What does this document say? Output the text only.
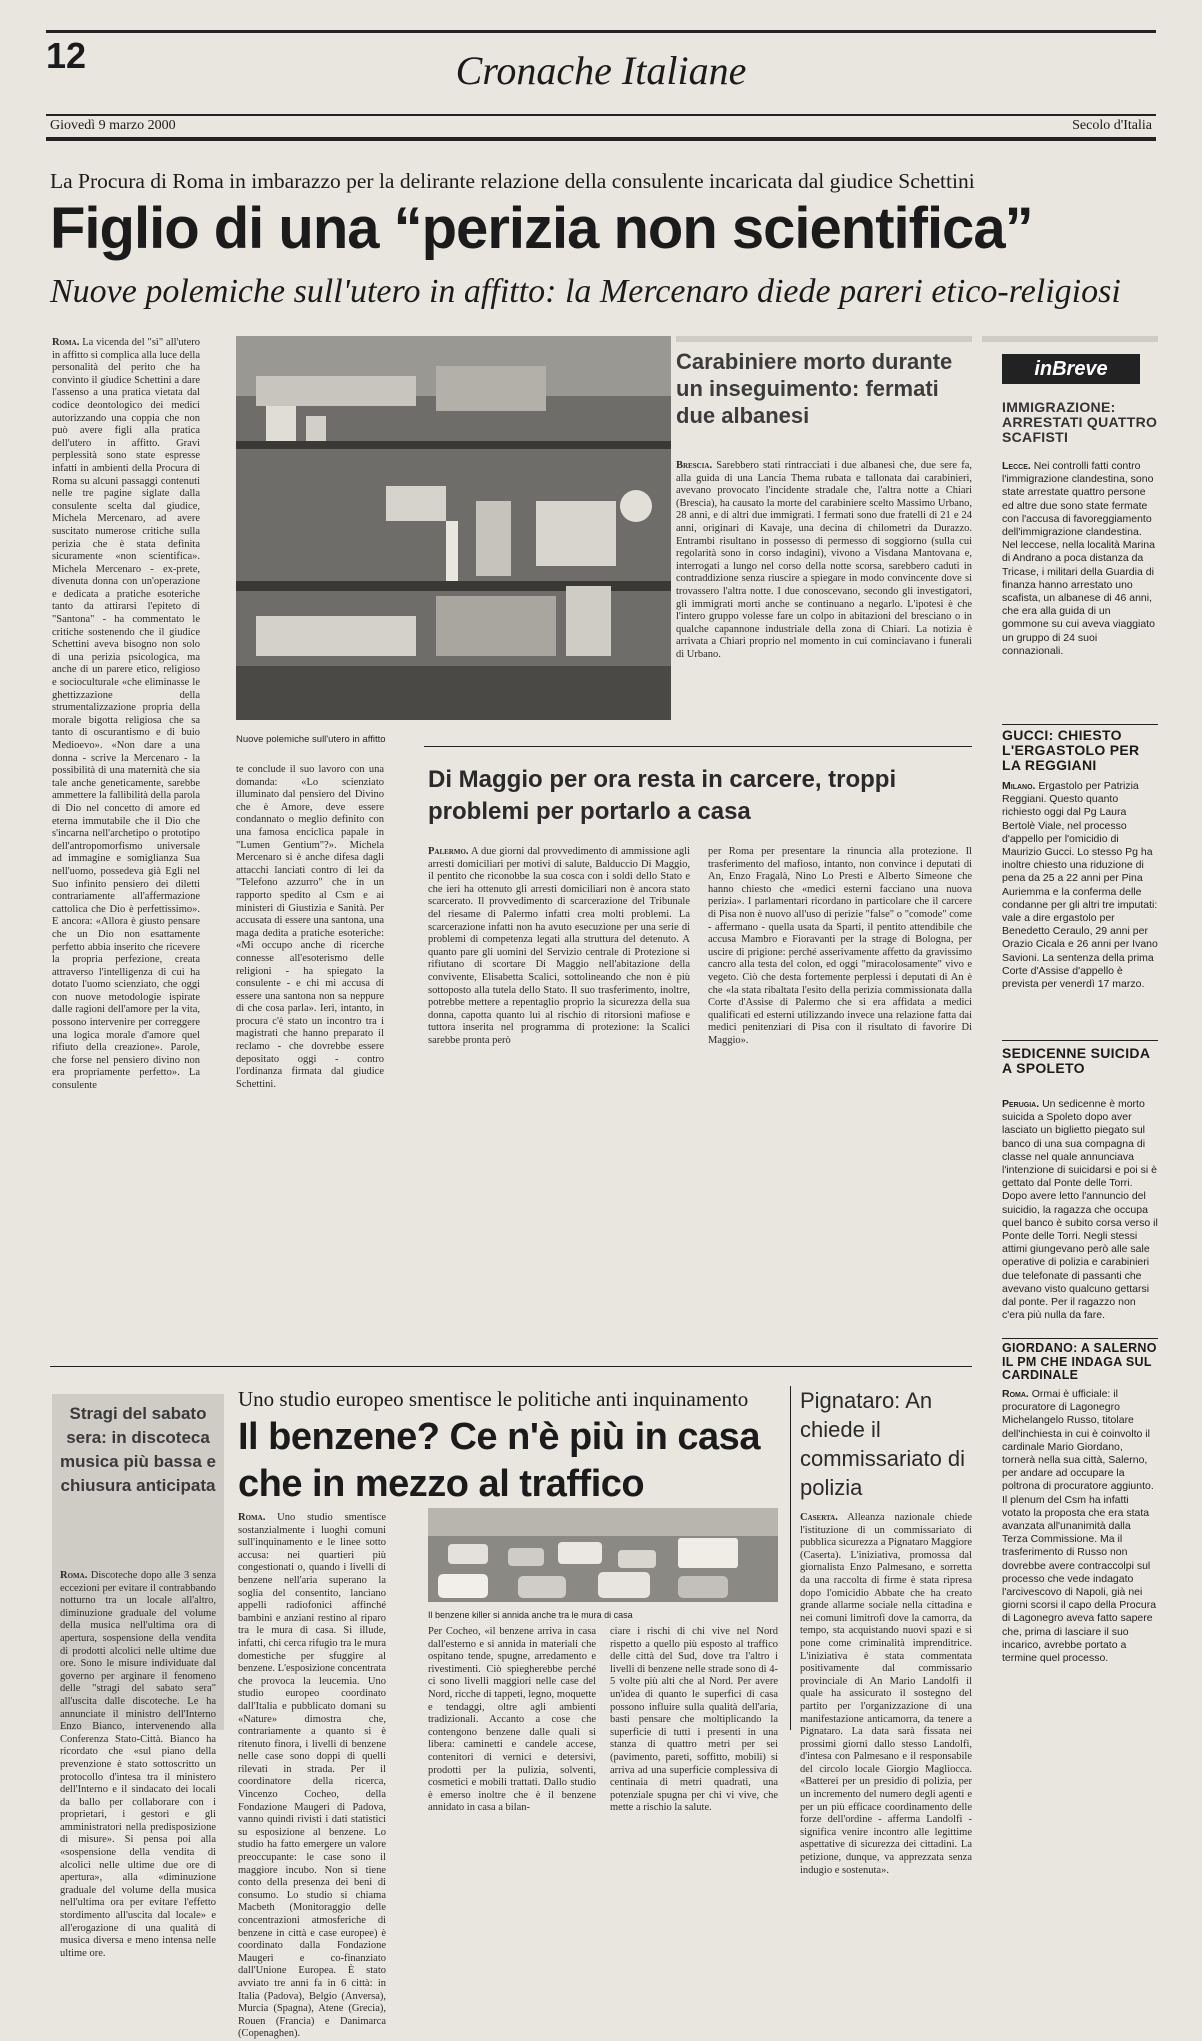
12	Cronache Italiane
Giovedì 9 marzo 2000	Secolo d'Italia
La Procura di Roma in imbarazzo per la delirante relazione della consulente incaricata dal giudice Schettini
Figlio di una “perizia non scientifica”
Nuove polemiche sull'utero in affitto: la Mercenaro diede pareri etico-religiosi
Roma. La vicenda del "sì" all'utero in affitto si complica alla luce della personalità del perito che ha convinto il giudice Schettini a dare l'assenso a una pratica vietata dal codice deontologico dei medici autorizzando una coppia che non può avere figli alla pratica dell'utero in affitto. Gravi perplessità sono state espresse infatti in ambienti della Procura di Roma su alcuni passaggi contenuti nelle tre pagine siglate dalla consulente scelta dal giudice, Michela Mercenaro, ad avere suscitato numerose critiche sulla perizia che è stata definita sicuramente «non scientifica». Michela Mercenaro - ex-prete, divenuta donna con un'operazione e dedicata a pratiche esoteriche tanto da attirarsi l'epiteto di "Santona" - ha commentato le critiche sostenendo che il giudice Schettini aveva bisogno non solo di una perizia psicologica, ma anche di un parere etico, religioso e socioculturale «che eliminasse le ghettizzazione della strumentalizzazione propria della morale bigotta religiosa che sa tanto di oscurantismo e di buio Medioevo». «Non dare a una donna - scrive la Mercenaro - la possibilità di una maternità che sia tale anche geneticamente, sarebbe ammettere la fallibilità della parola di Dio nel concetto di amore ed eterna immutabile che il Dio che s'incarna nell'archetipo o prototipo dell'antropomorfismo universale ad immagine e somiglianza Sua nell'uomo, possedeva già Egli nel Suo infinito pensiero dei diletti contrariamente all'affermazione cattolica che Dio è perfettissimo». E ancora: «Allora è giusto pensare che un Dio non esattamente perfetto abbia inserito che ricevere la propria perfezione, creata attraverso l'intelligenza di cui ha dotato l'uomo scienziato, che oggi con nuove metodologie ispirate dalle ragioni dell'amore per la vita, possono intervenire per correggere una logica morale d'amore quel rifiuto della creazione». Parole, che forse nel pensiero divino non era propriamente perfetto». La consulente
Nuove polemiche sull'utero in affitto
te conclude il suo lavoro con una domanda: «Lo scienziato illuminato dal pensiero del Divino che è Amore, deve essere condannato o meglio definito con una famosa enciclica papale in "Lumen Gentium"?». Michela Mercenaro si è anche difesa dagli attacchi lanciati contro di lei da "Telefono azzurro" che in un rapporto spedito al Csm e ai ministeri di Giustizia e Sanità. Per accusata di essere una santona, una maga dedita a pratiche esoteriche: «Mi occupo anche di ricerche connesse all'esoterismo delle religioni - ha spiegato la consulente - e chi mi accusa di essere una santona non sa neppure di che cosa parla». Ieri, intanto, in procura c'è stato un incontro tra i magistrati che hanno preparato il reclamo - che dovrebbe essere depositato oggi - contro l'ordinanza firmata dal giudice Schettini.
Carabiniere morto durante un inseguimento: fermati due albanesi
Brescia. Sarebbero stati rintracciati i due albanesi che, due sere fa, alla guida di una Lancia Thema rubata e tallonata dai carabinieri, avevano provocato l'incidente stradale che, l'altra notte a Chiari (Brescia), ha causato la morte del carabiniere scelto Massimo Urbano, 28 anni, e di altri due immigrati. I fermati sono due fratelli di 21 e 24 anni, originari di Kavaje, una decina di chilometri da Durazzo. Entrambi risultano in possesso di permesso di soggiorno (sulla cui regolarità sono in corso indagini), vivono a Visdana Mantovana e, interrogati a lungo nel corso della notte scorsa, sarebbero caduti in contraddizione senza riuscire a spiegare in modo convincente dove si trovassero l'altra notte. I due conoscevano, secondo gli investigatori, gli immigrati morti anche se continuano a negarlo. L'ipotesi è che l'intero gruppo volesse fare un colpo in abitazioni del bresciano o in qualche capannone industriale della zona di Chiari. La notizia è arrivata a Chiari proprio nel momento in cui cominciavano i funerali di Urbano.
Di Maggio per ora resta in carcere, troppi problemi per portarlo a casa
Palermo. A due giorni dal provvedimento di ammissione agli arresti domiciliari per motivi di salute, Balduccio Di Maggio, il pentito che riconobbe la sua cosca con i soldi dello Stato e che ieri ha ottenuto gli arresti domiciliari non è ancora stato scarcerato. Il provvedimento di scarcerazione del Tribunale del riesame di Palermo infatti crea molti problemi. La scarcerazione infatti non ha avuto esecuzione per una serie di problemi di competenza legati alla struttura del detenuto. A quanto pare gli uomini del Servizio centrale di Protezione si rifiutano di scortare Di Maggio nell'abitazione della convivente, Elisabetta Scalici, sottolineando che non è più sottoposto alla tutela dello Stato. Il suo trasferimento, inoltre, potrebbe mettere a repentaglio proprio la sicurezza della sua donna, capotta quanto lui al rischio di ritorsioni mafiose e tuttora inserita nel programma di protezione: la Scalici sarebbe pronta però
per Roma per presentare la rinuncia alla protezione. Il trasferimento del mafioso, intanto, non convince i deputati di An, Enzo Fragalà, Nino Lo Presti e Alberto Simeone che hanno chiesto che «medici esterni facciano una nuova perizia». I parlamentari ricordano in particolare che il carcere di Pisa non è nuovo all'uso di perizie "false" o "comode" come - affermano - quella usata da Sparti, il pentito attendibile che accusa Mambro e Fioravanti per la strage di Bologna, per uscire di prigione: perché asserivamente affetto da gravissimo cancro alla testa del colon, ed oggi "miracolosamente" vivo e vegeto. Ciò che desta fortemente perplessi i deputati di An è che «la stata ribaltata l'esito della perizia commissionata dalla Corte d'Assise di Palermo che si era affidata a medici qualificati ed esterni utilizzando invece una relazione fatta dai medici penitenziari di Pisa con il risultato di favorire Di Maggio».
inBreve
IMMIGRAZIONE: ARRESTATI QUATTRO SCAFISTI
Lecce. Nei controlli fatti contro l'immigrazione clandestina, sono state arrestate quattro persone ed altre due sono state fermate con l'accusa di favoreggiamento dell'immigrazione clandestina. Nel leccese, nella località Marina di Andrano a poca distanza da Tricase, i militari della Guardia di finanza hanno arrestato uno scafista, un albanese di 46 anni, che era alla guida di un gommone su cui aveva viaggiato un gruppo di 24 suoi connazionali.
GUCCI: CHIESTO L'ERGASTOLO PER LA REGGIANI
Milano. Ergastolo per Patrizia Reggiani. Questo quanto richiesto oggi dal Pg Laura Bertolè Viale, nel processo d'appello per l'omicidio di Maurizio Gucci. Lo stesso Pg ha inoltre chiesto una riduzione di pena da 25 a 22 anni per Pina Auriemma e la conferma delle condanne per gli altri tre imputati: vale a dire ergastolo per Benedetto Ceraulo, 29 anni per Orazio Cicala e 26 anni per Ivano Savioni. La sentenza della prima Corte d'Assise d'appello è prevista per venerdì 17 marzo.
SEDICENNE SUICIDA A SPOLETO
Perugia. Un sedicenne è morto suicida a Spoleto dopo aver lasciato un biglietto piegato sul banco di una sua compagna di classe nel quale annunciava l'intenzione di suicidarsi e poi si è gettato dal Ponte delle Torri. Dopo avere letto l'annuncio del suicidio, la ragazza che occupa quel banco è subito corsa verso il Ponte delle Torri. Negli stessi attimi giungevano però alle sale operative di polizia e carabinieri due telefonate di passanti che avevano visto qualcuno gettarsi dal ponte. Per il ragazzo non c'era più nulla da fare.
GIORDANO: A SALERNO IL PM CHE INDAGA SUL CARDINALE
Roma. Ormai è ufficiale: il procuratore di Lagonegro Michelangelo Russo, titolare dell'inchiesta in cui è coinvolto il cardinale Mario Giordano, tornerà nella sua città, Salerno, per andare ad occupare la poltrona di procuratore aggiunto. Il plenum del Csm ha infatti votato la proposta che era stata avanzata all'unanimità dalla Terza Commissione. Ma il trasferimento di Russo non dovrebbe avere contraccolpi sul processo che vede indagato l'arcivescovo di Napoli, già nei giorni scorsi il capo della Procura di Lagonegro aveva fatto sapere che, prima di lasciare il suo incarico, avrebbe portato a termine quel processo.
Stragi del sabato sera: in discoteca musica più bassa e chiusura anticipata
Roma. Discoteche dopo alle 3 senza eccezioni per evitare il contrabbando notturno tra un locale all'altro, diminuzione graduale del volume della musica nell'ultima ora di apertura, sospensione della vendita di prodotti alcolici nelle ultime due ore. Sono le misure individuate dal governo per arginare il fenomeno delle "stragi del sabato sera" all'uscita dalle discoteche. Le ha annunciate il ministro dell'Interno Enzo Bianco, intervenendo alla Conferenza Stato-Città. Bianco ha ricordato che «sul piano della prevenzione è stato sottoscritto un protocollo d'intesa tra il ministero dell'Interno e il sindacato dei locali da ballo per collaborare con i proprietari, i gestori e gli amministratori nella predisposizione di misure». Si pensa poi alla «sospensione della vendita di alcolici nelle ultime due ore di apertura», alla «diminuzione graduale del volume della musica nell'ultima ora per evitare l'effetto stordimento all'uscita dal locale» e all'erogazione di una qualità di musica diversa e meno intensa nelle ultime ore.
Uno studio europeo smentisce le politiche anti inquinamento
Il benzene? Ce n'è più in casa che in mezzo al traffico
Roma. Uno studio smentisce sostanzialmente i luoghi comuni sull'inquinamento e le linee sotto accusa: nei quartieri più congestionati o, quando i livelli di benzene nell'aria superano la soglia del consentito, lanciano appelli radiofonici affinché bambini e anziani restino al riparo tra le mura di casa. Si illude, infatti, chi cerca rifugio tra le mura domestiche per sfuggire al benzene. L'esposizione concentrata che provoca la leucemia. Uno studio europeo coordinato dall'Italia e pubblicato domani su «Nature» dimostra che, contrariamente a quanto si è ritenuto finora, i livelli di benzene nelle case sono doppi di quelli rilevati in strada. Per il coordinatore della ricerca, Vincenzo Cocheo, della Fondazione Maugeri di Padova, vanno quindi rivisti i dati statistici su esposizione al benzene. Lo studio ha fatto emergere un valore preoccupante: le case sono il maggiore incubo. Non si tiene conto della presenza dei beni di consumo. Lo studio si chiama Macbeth (Monitoraggio delle concentrazioni atmosferiche di benzene in città e case europee) è coordinato dalla Fondazione Maugeri e co-finanziato dall'Unione Europea. È stato avviato tre anni fa in 6 città: in Italia (Padova), Belgio (Anversa), Murcia (Spagna), Atene (Grecia), Rouen (Francia) e Danimarca (Copenaghen).
Il benzene killer si annida anche tra le mura di casa
Per Cocheo, «il benzene arriva in casa dall'esterno e si annida in materiali che ospitano tende, spugne, arredamento e rivestimenti. Ciò spiegherebbe perché ci sono livelli maggiori nelle case del Nord, ricche di tappeti, legno, moquette e tendaggi, oltre agli ambienti tradizionali. Accanto a cose che contengono benzene dalle quali si libera: caminetti e candele accese, contenitori di vernici e detersivi, prodotti per la pulizia, solventi, cosmetici e mobili trattati. Dallo studio è emerso inoltre che è il benzene annidato in casa a bilan-
ciare i rischi di chi vive nel Nord rispetto a quello più esposto al traffico delle città del Sud, dove tra l'altro i livelli di benzene nelle strade sono di 4-5 volte più alti che al Nord. Per avere un'idea di quanto le superfici di casa possono influire sulla qualità dell'aria, basti pensare che moltiplicando la superficie di tutti i presenti in una stanza di quattro metri per sei (pavimento, pareti, soffitto, mobili) si arriva ad una superficie complessiva di centinaia di metri quadrati, una potenziale spugna per chi vi vive, che mette a rischio la salute.
Pignataro: An chiede il commissariato di polizia
Caserta. Alleanza nazionale chiede l'istituzione di un commissariato di pubblica sicurezza a Pignataro Maggiore (Caserta). L'iniziativa, promossa dal giornalista Enzo Palmesano, e sorretta da una raccolta di firme è stata ripresa dopo l'omicidio Abbate che ha creato grande allarme sociale nella cittadina e nei comuni limitrofi dove la camorra, da tempo, sta acquistando nuovi spazi e si pone come criminalità imprenditrice. L'iniziativa è stata commentata positivamente dal commissario provinciale di An Mario Landolfi il quale ha assicurato il sostegno del partito per l'organizzazione di una manifestazione anticamorra, da tenere a Pignataro. La data sarà fissata nei prossimi giorni dallo stesso Landolfi, d'intesa con Palmesano e il responsabile del circolo locale Giorgio Magliocca. «Batterei per un presidio di polizia, per un incremento del numero degli agenti e per un più efficace coordinamento delle forze dell'ordine - afferma Landolfi - significa venire incontro alle legittime aspettative di sicurezza dei cittadini. La petizione, dunque, va apprezzata senza indugio e sostenuta».
